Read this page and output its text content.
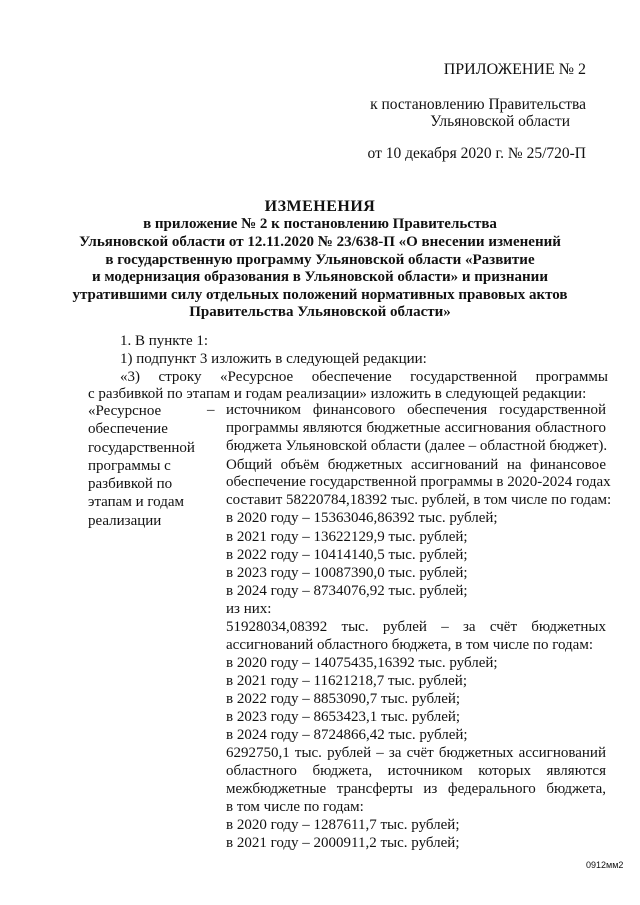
ПРИЛОЖЕНИЕ № 2
к постановлению Правительства
Ульяновской области
от 10 декабря 2020 г. № 25/720-П
ИЗМЕНЕНИЯ
в приложение № 2 к постановлению Правительства
Ульяновской области от 12.11.2020 № 23/638-П «О внесении изменений
в государственную программу Ульяновской области «Развитие
и модернизация образования в Ульяновской области» и признании
утратившими силу отдельных положений нормативных правовых актов
Правительства Ульяновской области»
1. В пункте 1:
1) подпункт 3 изложить в следующей редакции:
«3) строку «Ресурсное обеспечение государственной программы
с разбивкой по этапам и годам реализации» изложить в следующей редакции:
«Ресурсное
обеспечение
государственной
программы с
разбивкой по
этапам и годам
реализации
– источником финансового обеспечения государственной
программы являются бюджетные ассигнования областного
бюджета Ульяновской области (далее – областной бюджет).
Общий объём бюджетных ассигнований на финансовое
обеспечение государственной программы в 2020-2024 годах
составит 58220784,18392 тыс. рублей, в том числе по годам:
в 2020 году – 15363046,86392 тыс. рублей;
в 2021 году – 13622129,9 тыс. рублей;
в 2022 году – 10414140,5 тыс. рублей;
в 2023 году – 10087390,0 тыс. рублей;
в 2024 году – 8734076,92 тыс. рублей;
из них:
51928034,08392 тыс. рублей – за счёт бюджетных
ассигнований областного бюджета, в том числе по годам:
в 2020 году – 14075435,16392 тыс. рублей;
в 2021 году – 11621218,7 тыс. рублей;
в 2022 году – 8853090,7 тыс. рублей;
в 2023 году – 8653423,1 тыс. рублей;
в 2024 году – 8724866,42 тыс. рублей;
6292750,1 тыс. рублей – за счёт бюджетных ассигнований
областного бюджета, источником которых являются
межбюджетные трансферты из федерального бюджета,
в том числе по годам:
в 2020 году – 1287611,7 тыс. рублей;
в 2021 году – 2000911,2 тыс. рублей;
0912мм2
